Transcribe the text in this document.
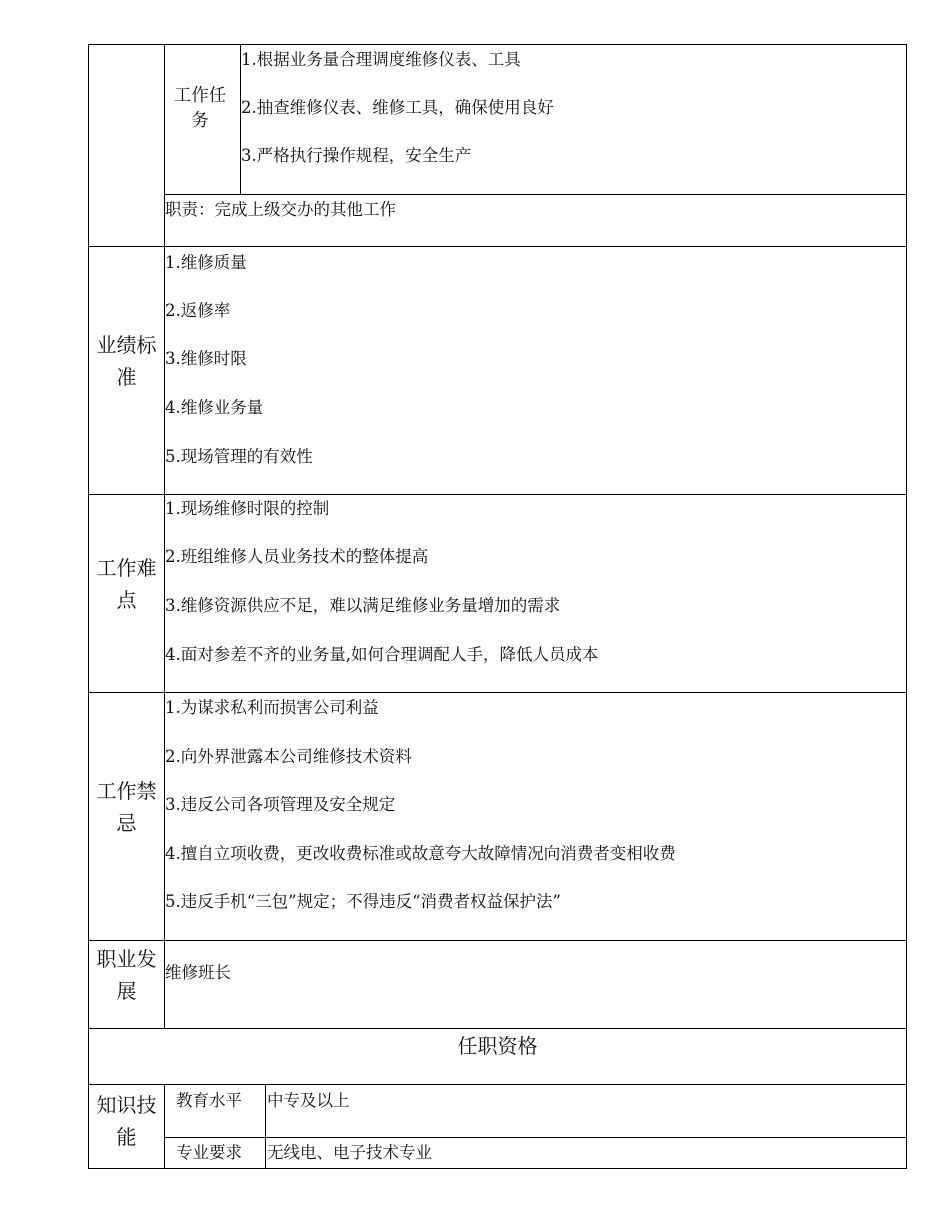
工作任务
1.根据业务量合理调度维修仪表、工具
2.抽查维修仪表、维修工具，确保使用良好
3.严格执行操作规程，安全生产
职责：完成上级交办的其他工作
业绩标准
1.维修质量
2.返修率
3.维修时限
4.维修业务量
5.现场管理的有效性
工作难点
1.现场维修时限的控制
2.班组维修人员业务技术的整体提高
3.维修资源供应不足，难以满足维修业务量增加的需求
4.面对参差不齐的业务量,如何合理调配人手，降低人员成本
工作禁忌
1.为谋求私利而损害公司利益
2.向外界泄露本公司维修技术资料
3.违反公司各项管理及安全规定
4.擅自立项收费，更改收费标准或故意夸大故障情况向消费者变相收费
5.违反手机“三包”规定；不得违反“消费者权益保护法”
职业发展
维修班长
任职资格
知识技能
教育水平 中专及以上
专业要求 无线电、电子技术专业
